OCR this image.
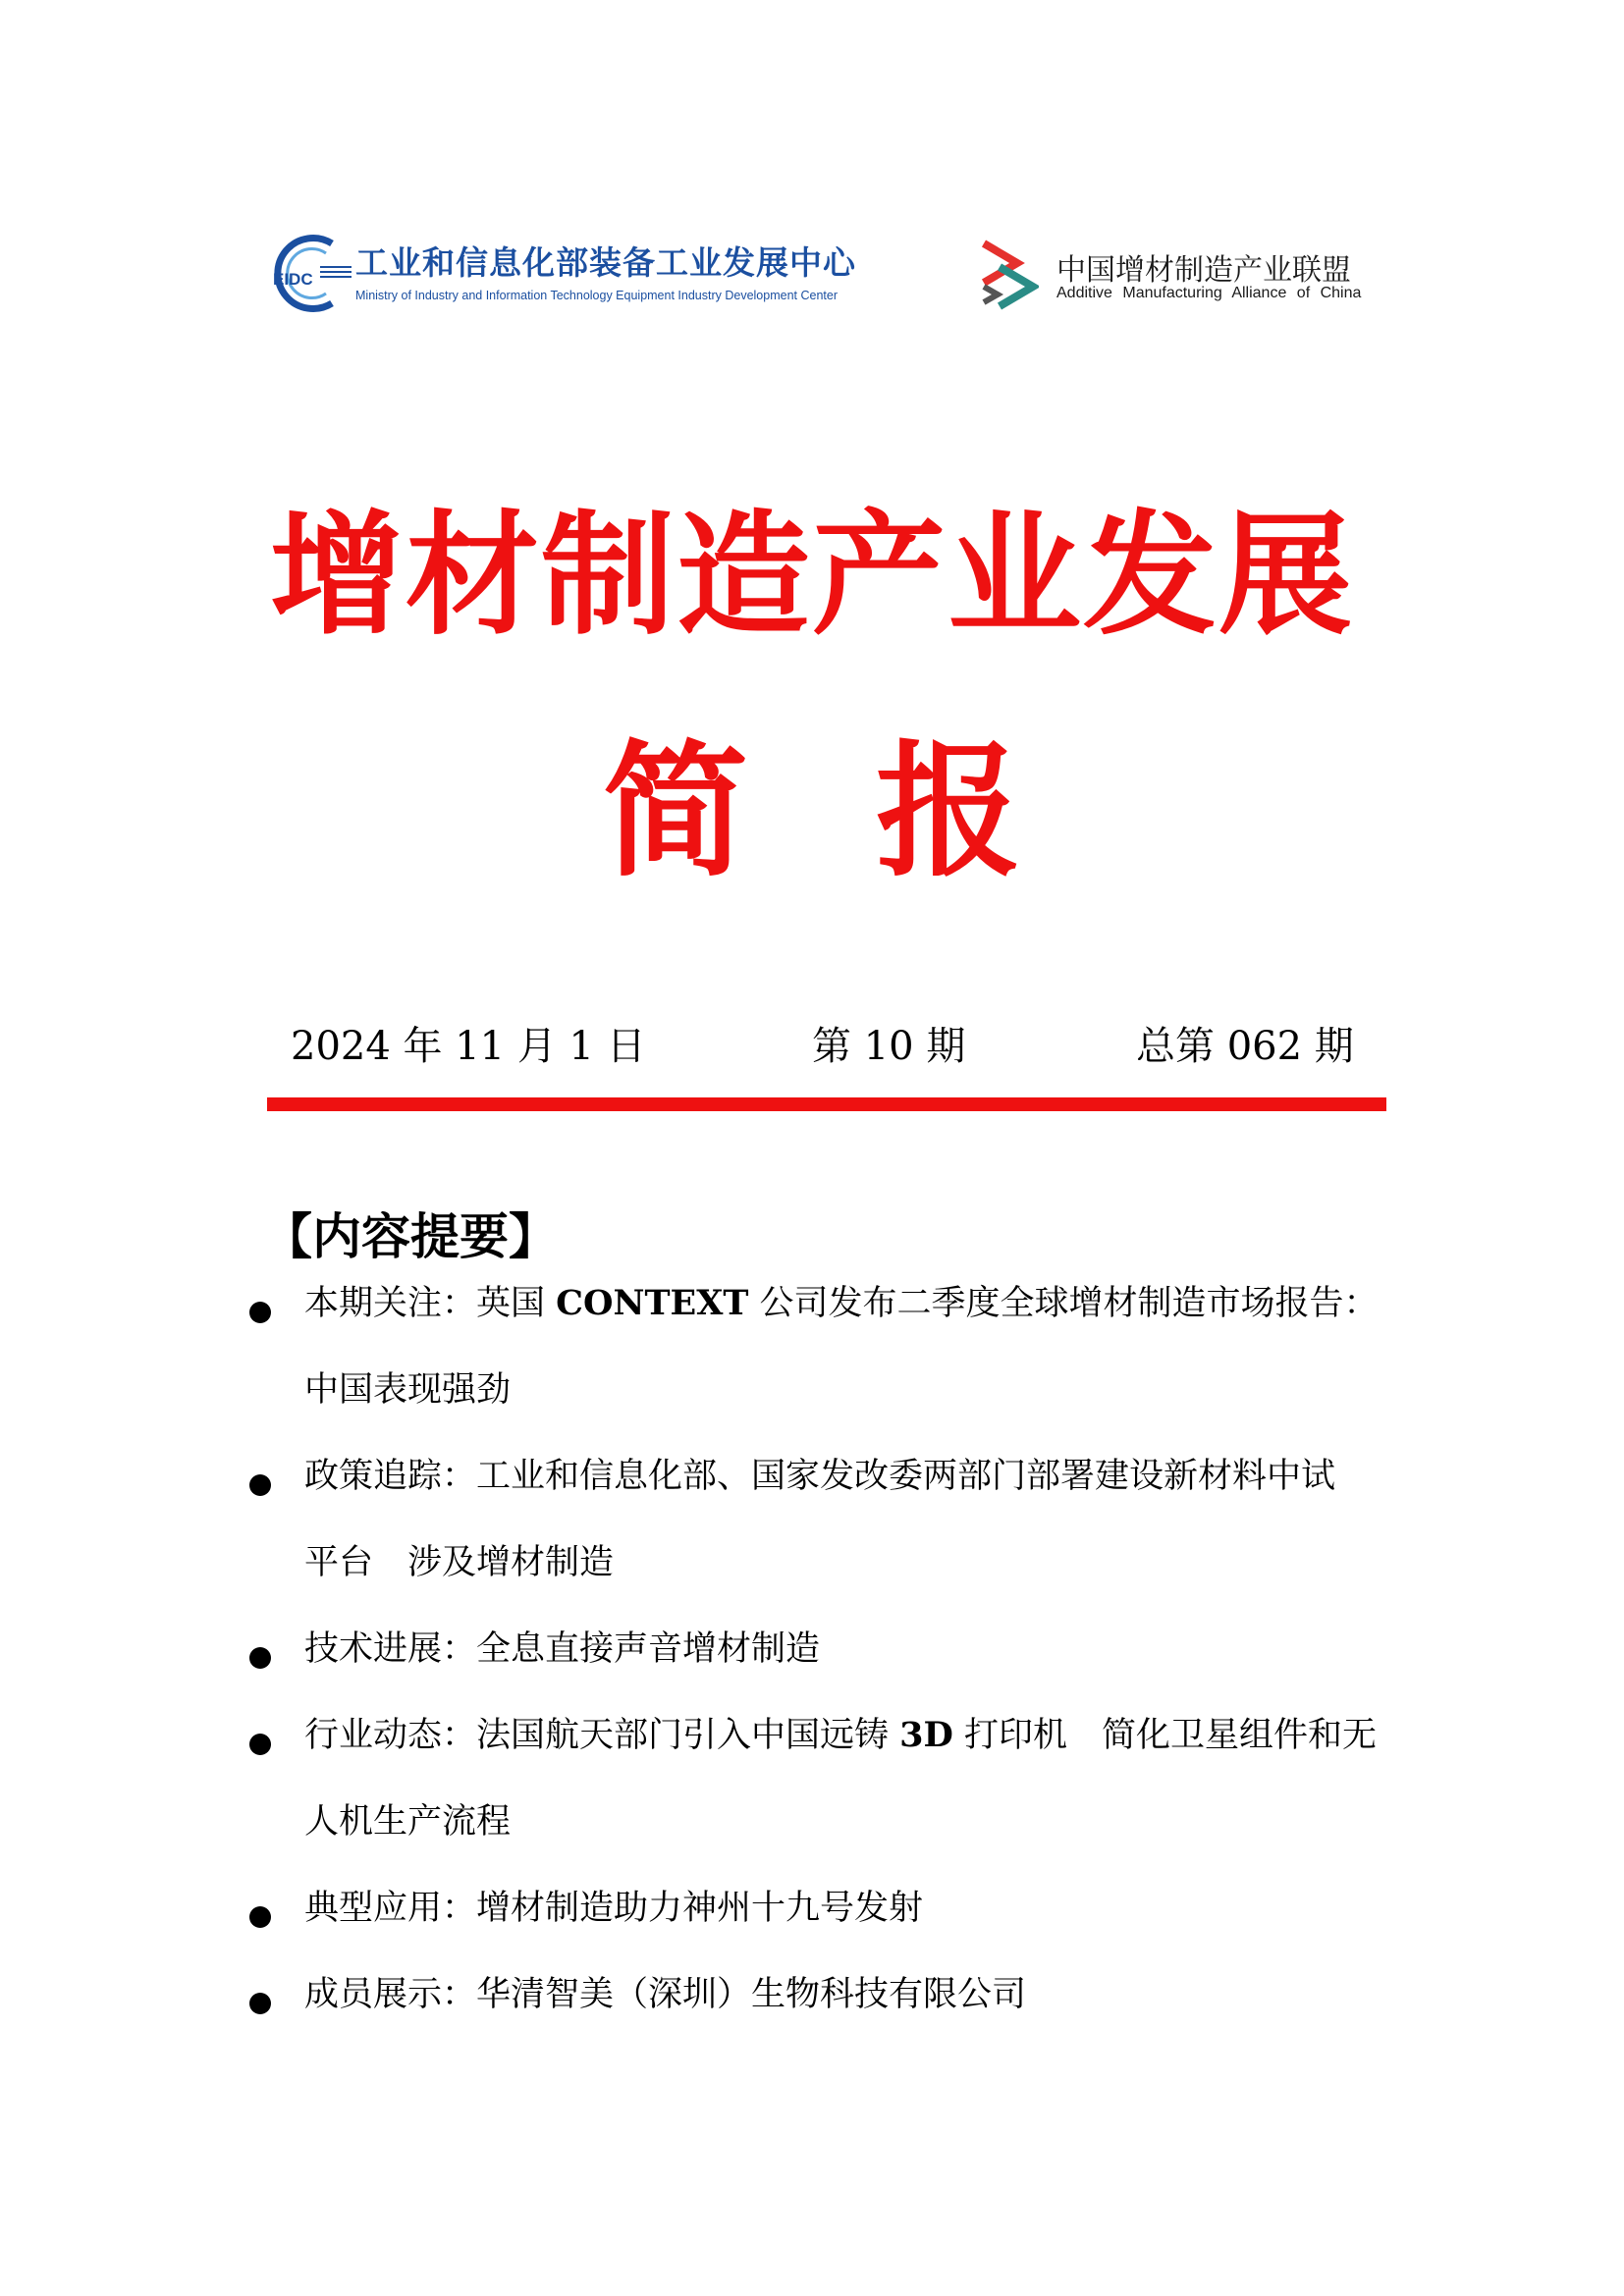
EIDC 工业和信息化部装备工业发展中心
Ministry of Industry and Information Technology Equipment Industry Development Center
中国增材制造产业联盟
Additive Manufacturing Alliance of China
增材制造产业发展
简报
2024 年 11 月 1 日	第 10 期	总第 062 期
【内容提要】
本期关注：英国 CONTEXT 公司发布二季度全球增材制造市场报告：
中国表现强劲
政策追踪：工业和信息化部、国家发改委两部门部署建设新材料中试
平台　涉及增材制造
技术进展：全息直接声音增材制造
行业动态：法国航天部门引入中国远铸 3D 打印机　简化卫星组件和无
人机生产流程
典型应用：增材制造助力神州十九号发射
成员展示：华清智美（深圳）生物科技有限公司
